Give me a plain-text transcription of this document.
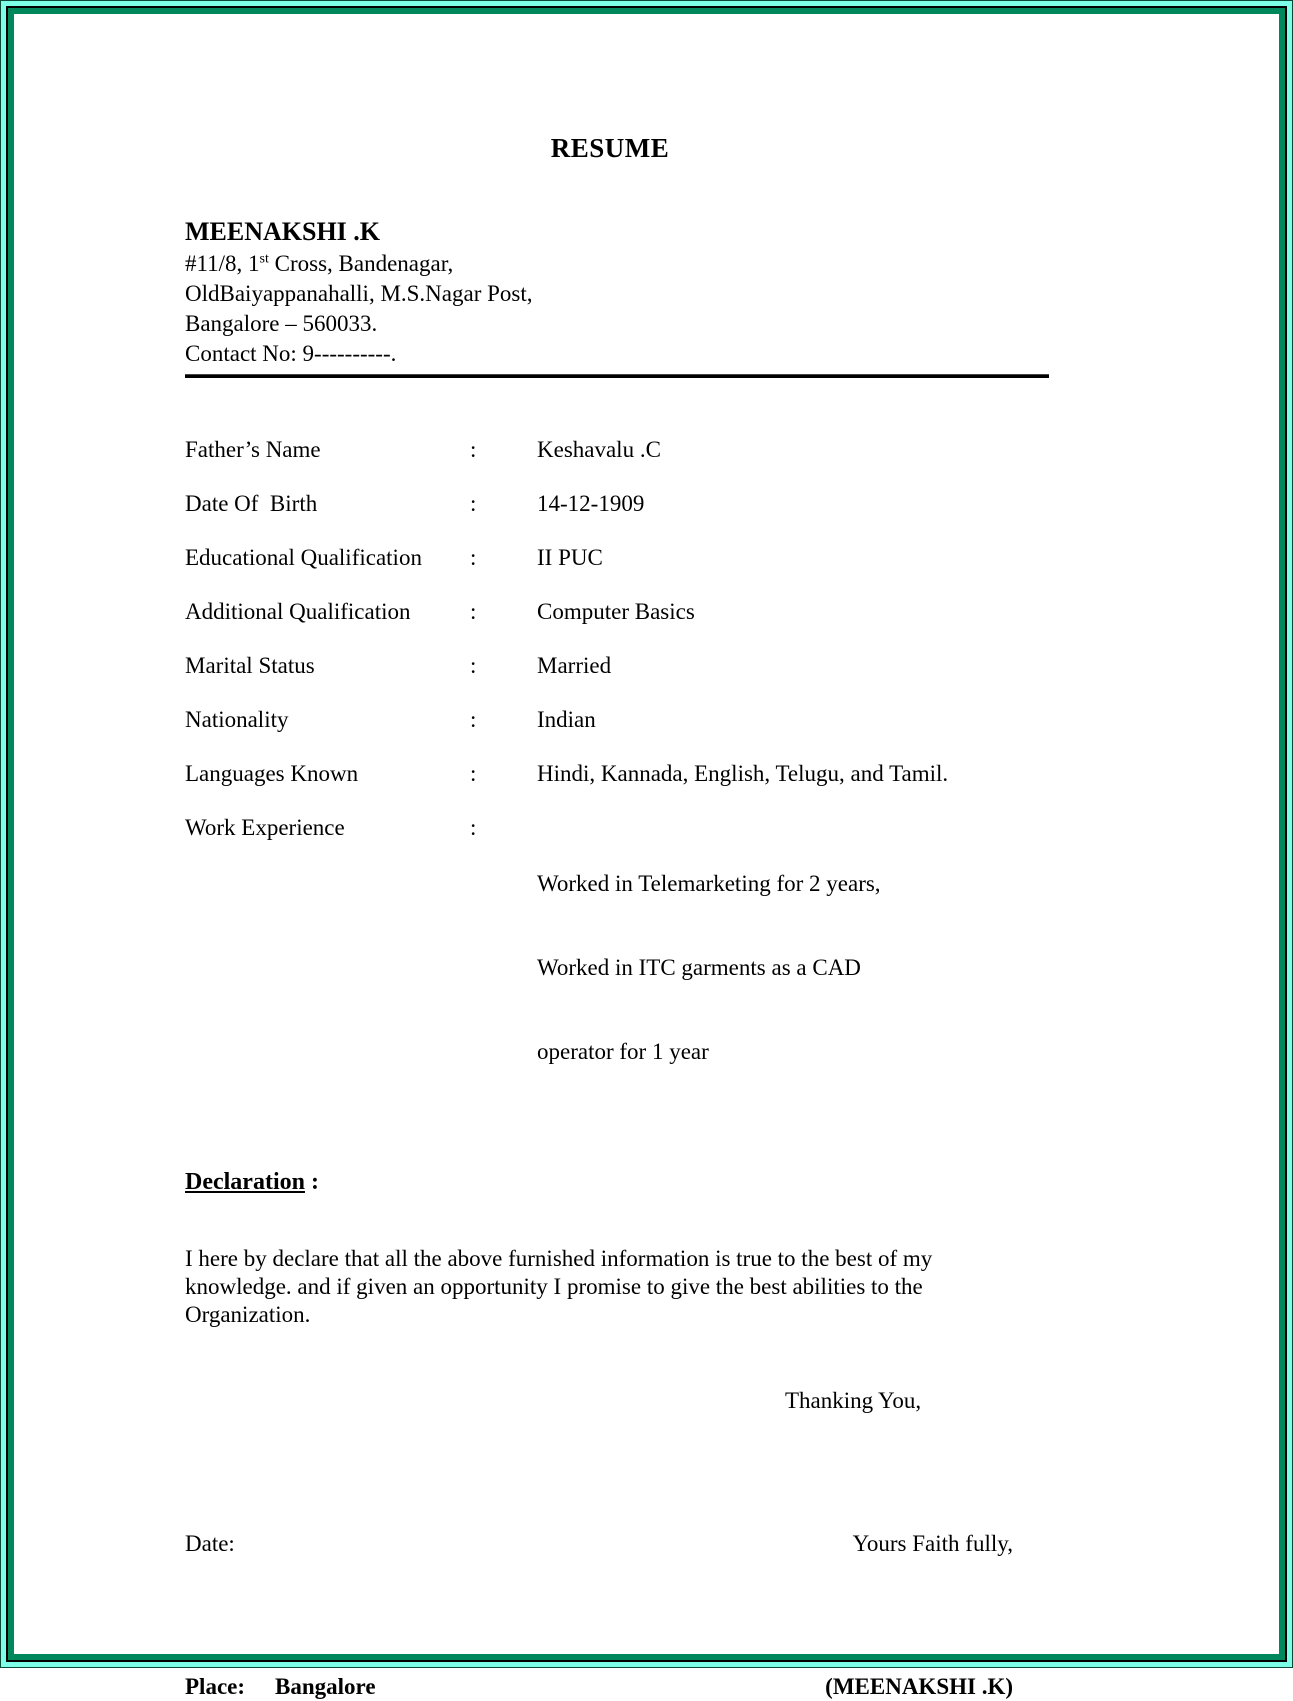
RESUME
MEENAKSHI .K
#11/8, 1st Cross, Bandenagar,
OldBaiyappanahalli, M.S.Nagar Post,
Bangalore – 560033.
Contact No: 9----------.
Father’s Name	:	Keshavalu .C
Date Of  Birth	:	14-12-1909
Educational Qualification	:	II PUC
Additional Qualification	:	Computer Basics
Marital Status	:	Married
Nationality	:	Indian
Languages Known	:	Hindi, Kannada, English, Telugu, and Tamil.
Work Experience	:

Worked in Telemarketing for 2 years,

Worked in ITC garments as a CAD

operator for 1 year

Declaration :

I here by declare that all the above furnished information is true to the best of my knowledge. and if given an opportunity I promise to give the best abilities to the Organization.

Thanking You,
Date:	Yours Faith fully,
Place: Bangalore	(MEENAKSHI .K)
